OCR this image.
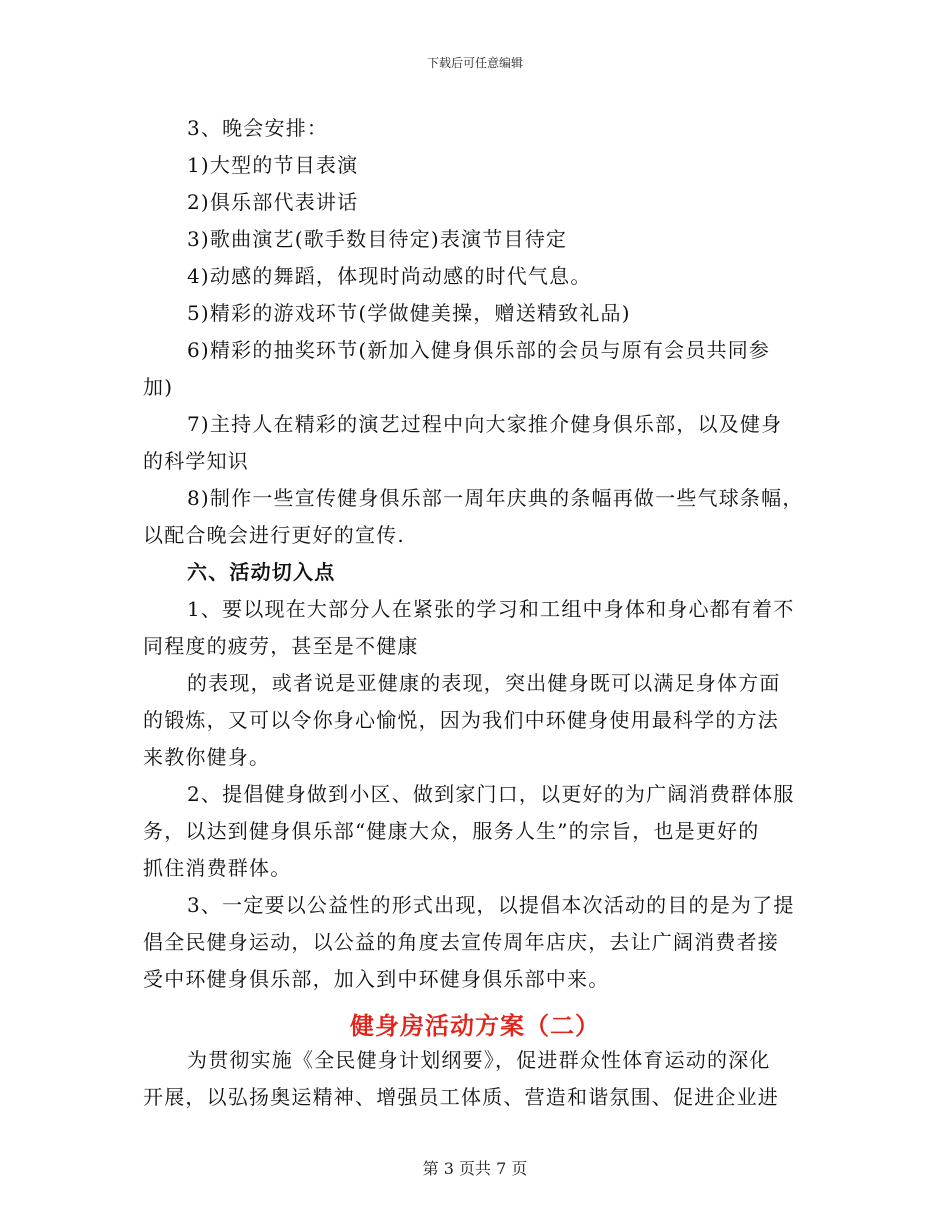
下载后可任意编辑
3、晚会安排：
1)大型的节目表演
2)俱乐部代表讲话
3)歌曲演艺(歌手数目待定)表演节目待定
4)动感的舞蹈，体现时尚动感的时代气息。
5)精彩的游戏环节(学做健美操，赠送精致礼品)
6)精彩的抽奖环节(新加入健身俱乐部的会员与原有会员共同参
加)
7)主持人在精彩的演艺过程中向大家推介健身俱乐部，以及健身
的科学知识
8)制作一些宣传健身俱乐部一周年庆典的条幅再做一些气球条幅，
以配合晚会进行更好的宣传.
六、活动切入点
1、要以现在大部分人在紧张的学习和工组中身体和身心都有着不
同程度的疲劳，甚至是不健康
的表现，或者说是亚健康的表现，突出健身既可以满足身体方面
的锻炼，又可以令你身心愉悦，因为我们中环健身使用最科学的方法
来教你健身。
2、提倡健身做到小区、做到家门口，以更好的为广阔消费群体服
务，以达到健身俱乐部“健康大众，服务人生”的宗旨，也是更好的
抓住消费群体。
3、一定要以公益性的形式出现，以提倡本次活动的目的是为了提
倡全民健身运动，以公益的角度去宣传周年店庆，去让广阔消费者接
受中环健身俱乐部，加入到中环健身俱乐部中来。
健身房活动方案（二）
为贯彻实施《全民健身计划纲要》，促进群众性体育运动的深化
开展，以弘扬奥运精神、增强员工体质、营造和谐氛围、促进企业进
第 3 页共 7 页
